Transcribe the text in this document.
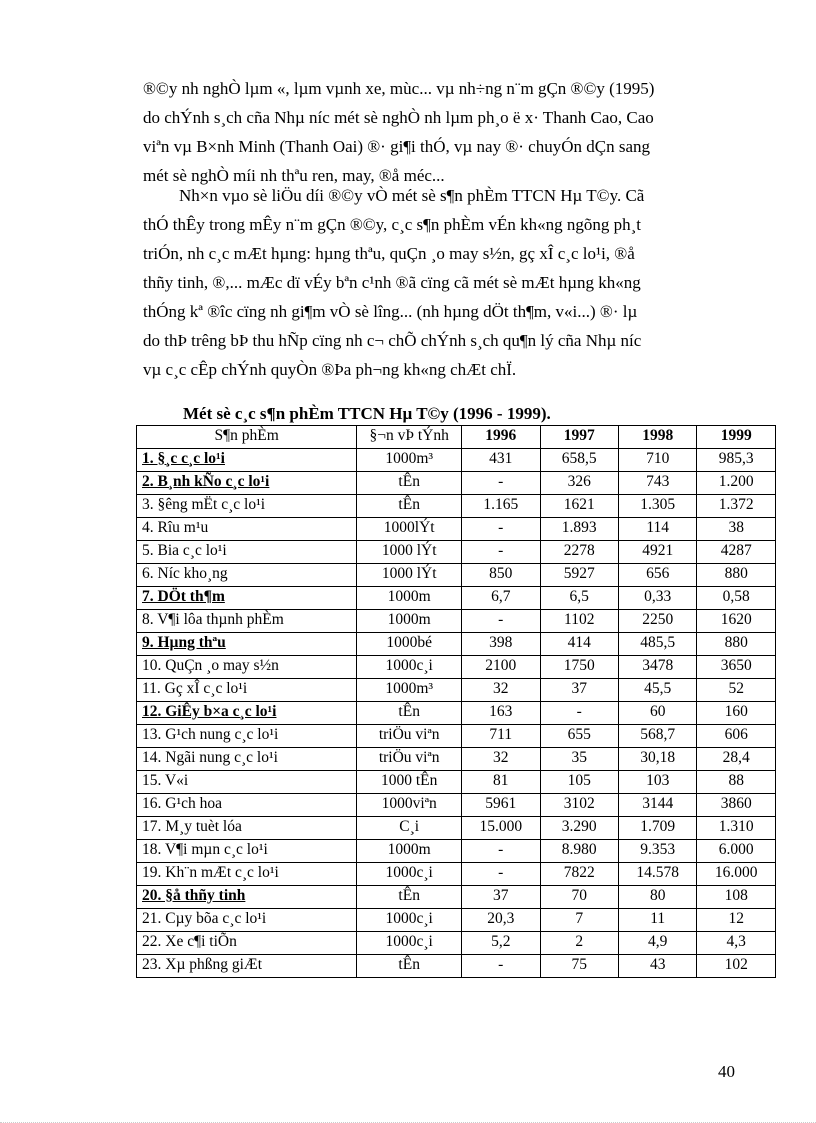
®©y nh nghÒ lµm «, lµm vµnh xe, mùc... vµ nh÷ng n¨m gÇn ®©y (1995)
do chÝnh s¸ch cña Nhµ níc mét sè nghÒ nh lµm ph¸o ë x· Thanh Cao, Cao
viªn vµ B×nh Minh (Thanh Oai) ®· gi¶i thÓ, vµ nay ®· chuyÓn dÇn sang
mét sè nghÒ míi nh thªu ren, may, ®å méc...
Nh×n vµo sè liÖu díi ®©y vÒ mét sè s¶n phÈm TTCN Hµ T©y. Cã
thÓ thÊy trong mÊy n¨m gÇn ®©y, c¸c s¶n phÈm vÉn kh«ng ngõng ph¸t
triÓn, nh c¸c mÆt hµng: hµng thªu, quÇn ¸o may s½n, gç xÎ c¸c lo¹i, ®å
thñy tinh, ®,... mÆc dï vÉy bªn c¹nh ®ã cïng cã mét sè mÆt hµng kh«ng
thÓng kª ®îc cïng nh gi¶m vÒ sè lîng... (nh hµng dÖt th¶m, v«i...) ®· lµ
do thÞ trêng bÞ thu hÑp cïng nh c¬ chÕ chÝnh s¸ch qu¶n lý cña Nhµ níc
vµ c¸c cÊp chÝnh quyÒn ®Þa ph¬ng kh«ng chÆt chÏ.
Mét sè c¸c s¶n phÈm TTCN Hµ T©y (1996 - 1999).
S¶n phÈm	§¬n vÞ tÝnh	1996	1997	1998	1999
1. §¸c c¸c lo¹i	1000m³	431	658,5	710	985,3
2. B¸nh kÑo c¸c lo¹i	tÊn	-	326	743	1.200
3. §êng mËt c¸c lo¹i	tÊn	1.165	1621	1.305	1.372
4. Rîu m¹u	1000lÝt	-	1.893	114	38
5. Bia c¸c lo¹i	1000 lÝt	-	2278	4921	4287
6. Níc kho¸ng	1000 lÝt	850	5927	656	880
7. DÖt th¶m	1000m	6,7	6,5	0,33	0,58
8. V¶i lôa thµnh phÈm	1000m	-	1102	2250	1620
9. Hµng thªu	1000bé	398	414	485,5	880
10. QuÇn ¸o may s½n	1000c¸i	2100	1750	3478	3650
11. Gç xÎ c¸c lo¹i	1000m³	32	37	45,5	52
12. GiÊy b×a c¸c lo¹i	tÊn	163	-	60	160
13. G¹ch nung c¸c lo¹i	triÖu viªn	711	655	568,7	606
14. Ngãi nung c¸c lo¹i	triÖu viªn	32	35	30,18	28,4
15. V«i	1000 tÊn	81	105	103	88
16. G¹ch hoa	1000viªn	5961	3102	3144	3860
17. M¸y tuèt lóa	C¸i	15.000	3.290	1.709	1.310
18. V¶i mµn c¸c lo¹i	1000m	-	8.980	9.353	6.000
19. Kh¨n mÆt c¸c lo¹i	1000c¸i	-	7822	14.578	16.000
20. §å thñy tinh	tÊn	37	70	80	108
21. Cµy bõa c¸c lo¹i	1000c¸i	20,3	7	11	12
22. Xe c¶i tiÕn	1000c¸i	5,2	2	4,9	4,3
23. Xµ phßng giÆt	tÊn	-	75	43	102
40
